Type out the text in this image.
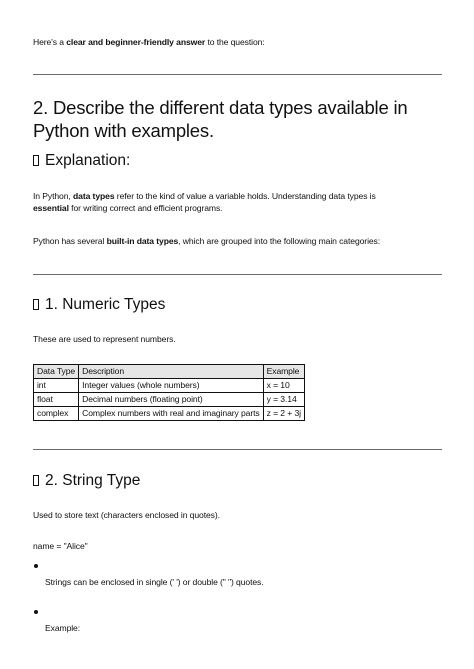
Here's a clear and beginner-friendly answer to the question:
2. Describe the different data types available in
Python with examples.
Explanation:
In Python, data types refer to the kind of value a variable holds. Understanding data types is
essential for writing correct and efficient programs.
Python has several built-in data types, which are grouped into the following main categories:
1. Numeric Types
These are used to represent numbers.
Data Type	Description	Example
int	Integer values (whole numbers)	x = 10
float	Decimal numbers (floating point)	y = 3.14
complex	Complex numbers with real and imaginary parts	z = 2 + 3j
2. String Type
Used to store text (characters enclosed in quotes).
name = "Alice"
Strings can be enclosed in single (' ') or double (" ") quotes.
Example:
